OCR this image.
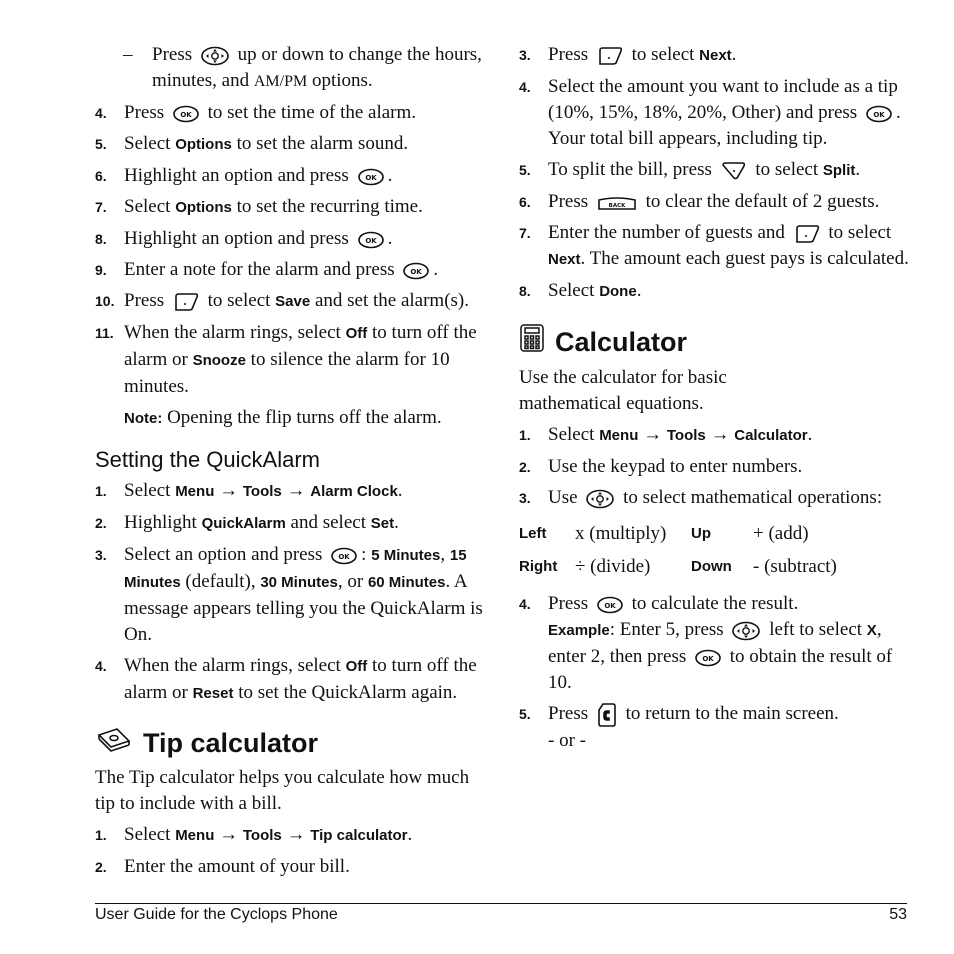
– Press up or down to change the hours, minutes, and AM/PM options.
4. Press OK to set the time of the alarm.
5. Select Options to set the alarm sound.
6. Highlight an option and press OK .
7. Select Options to set the recurring time.
8. Highlight an option and press OK .
9. Enter a note for the alarm and press OK .
10. Press to select Save and set the alarm(s).
11. When the alarm rings, select Off to turn off the alarm or Snooze to silence the alarm for 10 minutes.

Note: Opening the flip turns off the alarm.

Setting the QuickAlarm
1. Select Menu → Tools → Alarm Clock.
2. Highlight QuickAlarm and select Set.
3. Select an option and press OK : 5 Minutes, 15 Minutes (default), 30 Minutes, or 60 Minutes. A message appears telling you the QuickAlarm is On.
4. When the alarm rings, select Off to turn off the alarm or Reset to set the QuickAlarm again.
Tip calculator

The Tip calculator helps you calculate how much tip to include with a bill.

1. Select Menu → Tools → Tip calculator.
2. Enter the amount of your bill.
3. Press to select Next.
4. Select the amount you want to include as a tip (10%, 15%, 18%, 20%, Other) and press OK . Your total bill appears, including tip.
5. To split the bill, press to select Split.
6. Press	BACK to clear the default of 2 guests.
7. Enter the number of guests and to select Next. The amount each guest pays is calculated.
8. Select Done.
Calculator

Use the calculator for basic mathematical equations.

1. Select Menu → Tools → Calculator.
2. Use the keypad to enter numbers.
3. Use to select mathematical operations:
Left	x (multiply)	Up	+ (add)
Right ÷ (divide)	Down	- (subtract)
4. Press OK to calculate the result.
Example: Enter 5, press left to select X, enter 2, then press OK to obtain the result of 10.
5. Press to return to the main screen.
- or -
User Guide for the Cyclops Phone	53
